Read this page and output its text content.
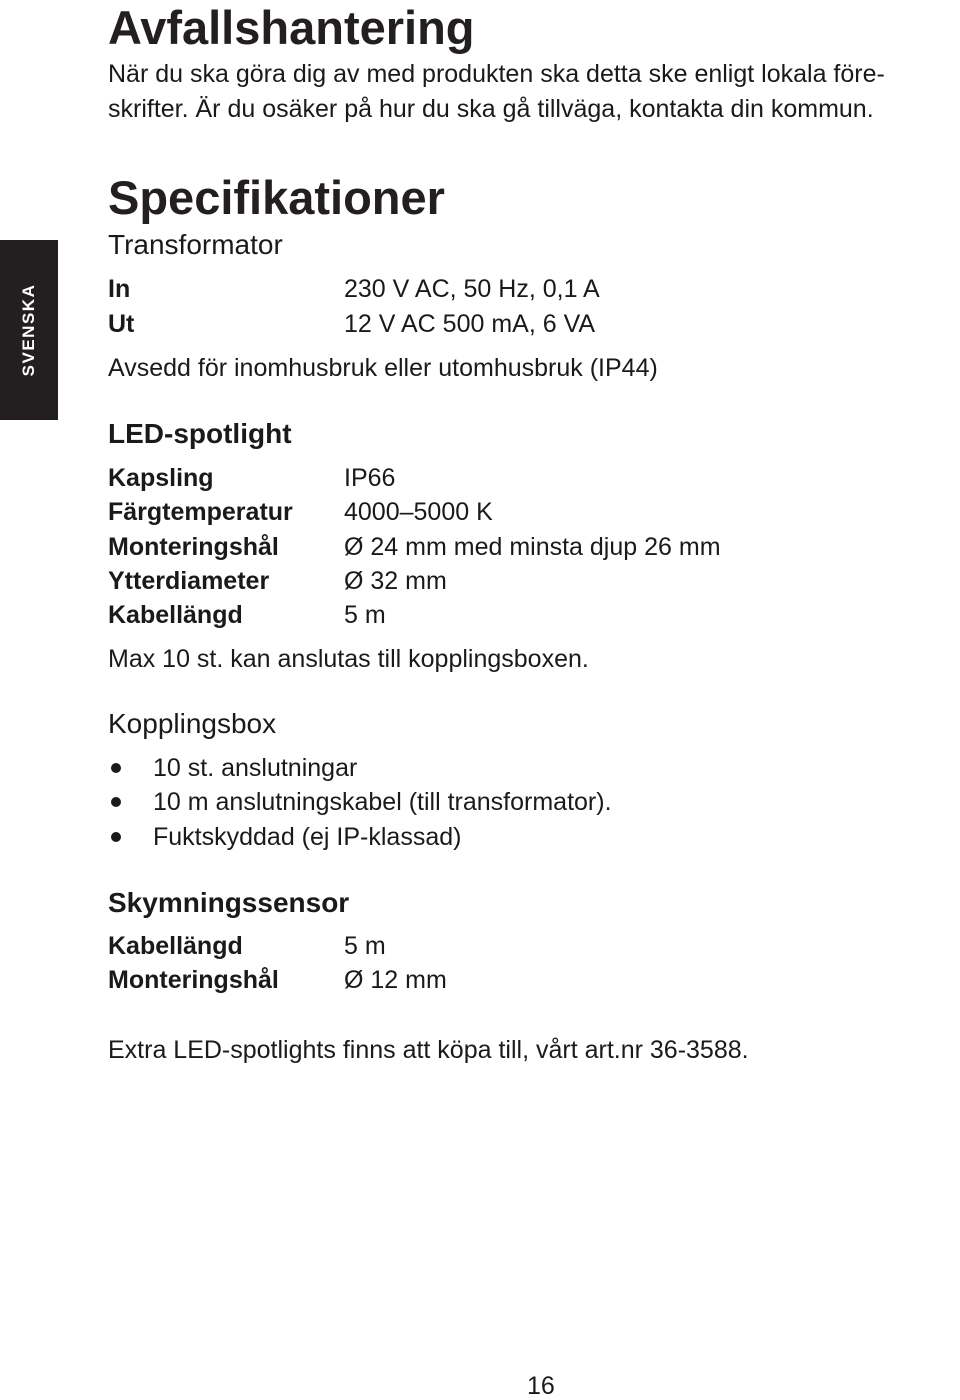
SVENSKA
Avfallshantering
När du ska göra dig av med produkten ska detta ske enligt lokala före-
skrifter. Är du osäker på hur du ska gå tillväga, kontakta din kommun.
Specifikationer
Transformator
In	230 V AC, 50 Hz, 0,1 A
Ut	12 V AC 500 mA, 6 VA
Avsedd för inomhusbruk eller utomhusbruk (IP44)
LED-spotlight
Kapsling	IP66
Färgtemperatur 4000–5000 K
Monteringshål	Ø 24 mm med minsta djup 26 mm
Ytterdiameter	Ø 32 mm
Kabellängd	5 m
Max 10 st. kan anslutas till kopplingsboxen.
Kopplingsbox
10 st. anslutningar
10 m anslutningskabel (till transformator).
Fuktskyddad (ej IP-klassad)
Skymningssensor
Kabellängd	5 m
Monteringshål	Ø 12 mm
Extra LED-spotlights finns att köpa till, vårt art.nr 36-3588.
16
